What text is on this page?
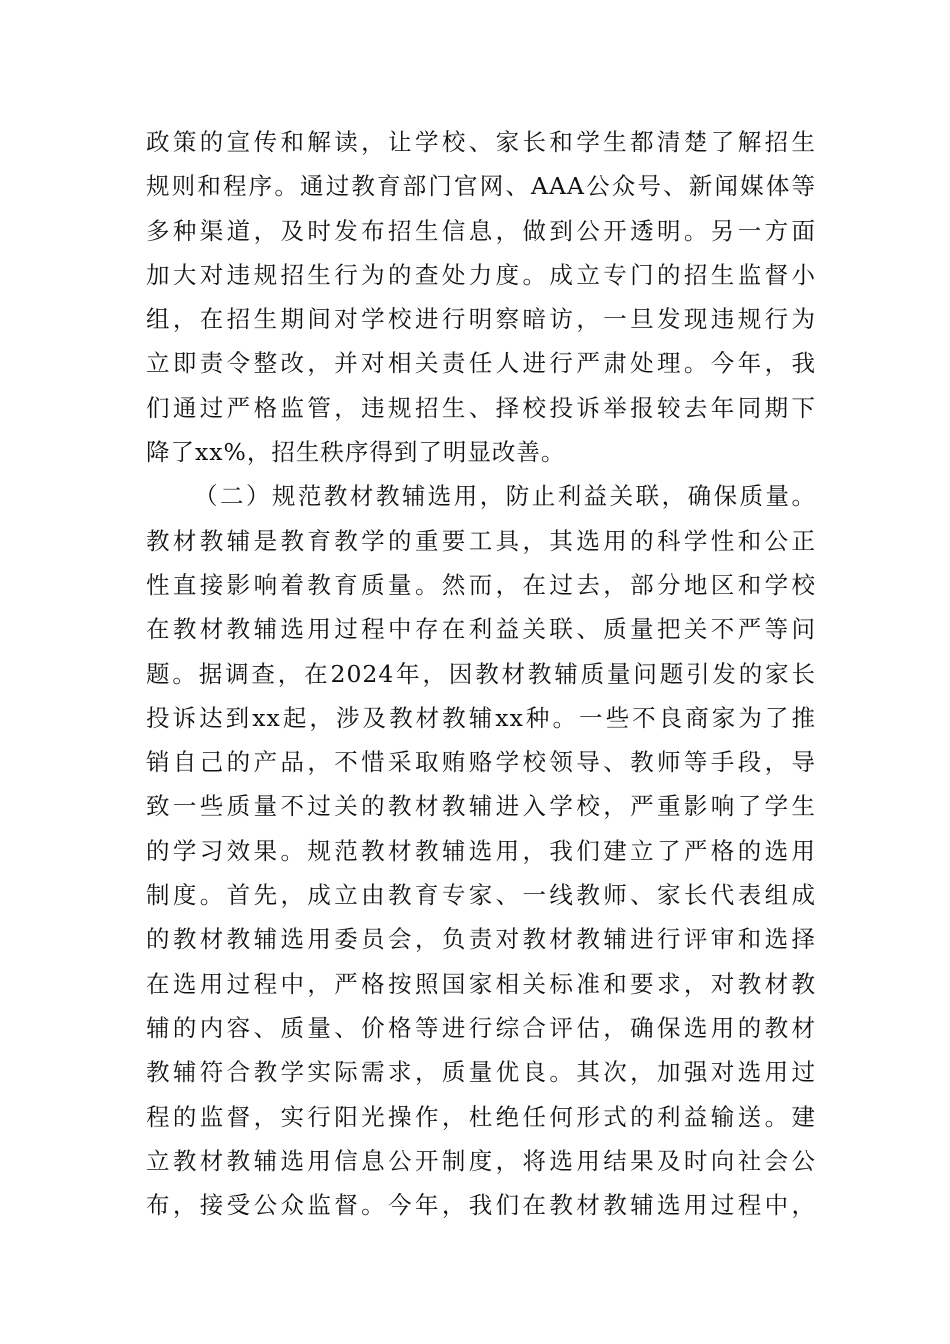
政策的宣传和解读，让学校、家长和学生都清楚了解招生
规则和程序。通过教育部门官网、AAA公众号、新闻媒体等
多种渠道，及时发布招生信息，做到公开透明。另一方面
加大对违规招生行为的查处力度。成立专门的招生监督小
组，在招生期间对学校进行明察暗访，一旦发现违规行为
立即责令整改，并对相关责任人进行严肃处理。今年，我
们通过严格监管，违规招生、择校投诉举报较去年同期下
降了xx%，招生秩序得到了明显改善。
（二）规范教材教辅选用，防止利益关联，确保质量。
教材教辅是教育教学的重要工具，其选用的科学性和公正
性直接影响着教育质量。然而，在过去，部分地区和学校
在教材教辅选用过程中存在利益关联、质量把关不严等问
题。据调查，在2024年，因教材教辅质量问题引发的家长
投诉达到xx起，涉及教材教辅xx种。一些不良商家为了推
销自己的产品，不惜采取贿赂学校领导、教师等手段，导
致一些质量不过关的教材教辅进入学校，严重影响了学生
的学习效果。规范教材教辅选用，我们建立了严格的选用
制度。首先，成立由教育专家、一线教师、家长代表组成
的教材教辅选用委员会，负责对教材教辅进行评审和选择
在选用过程中，严格按照国家相关标准和要求，对教材教
辅的内容、质量、价格等进行综合评估，确保选用的教材
教辅符合教学实际需求，质量优良。其次，加强对选用过
程的监督，实行阳光操作，杜绝任何形式的利益输送。建
立教材教辅选用信息公开制度，将选用结果及时向社会公
布，接受公众监督。今年，我们在教材教辅选用过程中，
